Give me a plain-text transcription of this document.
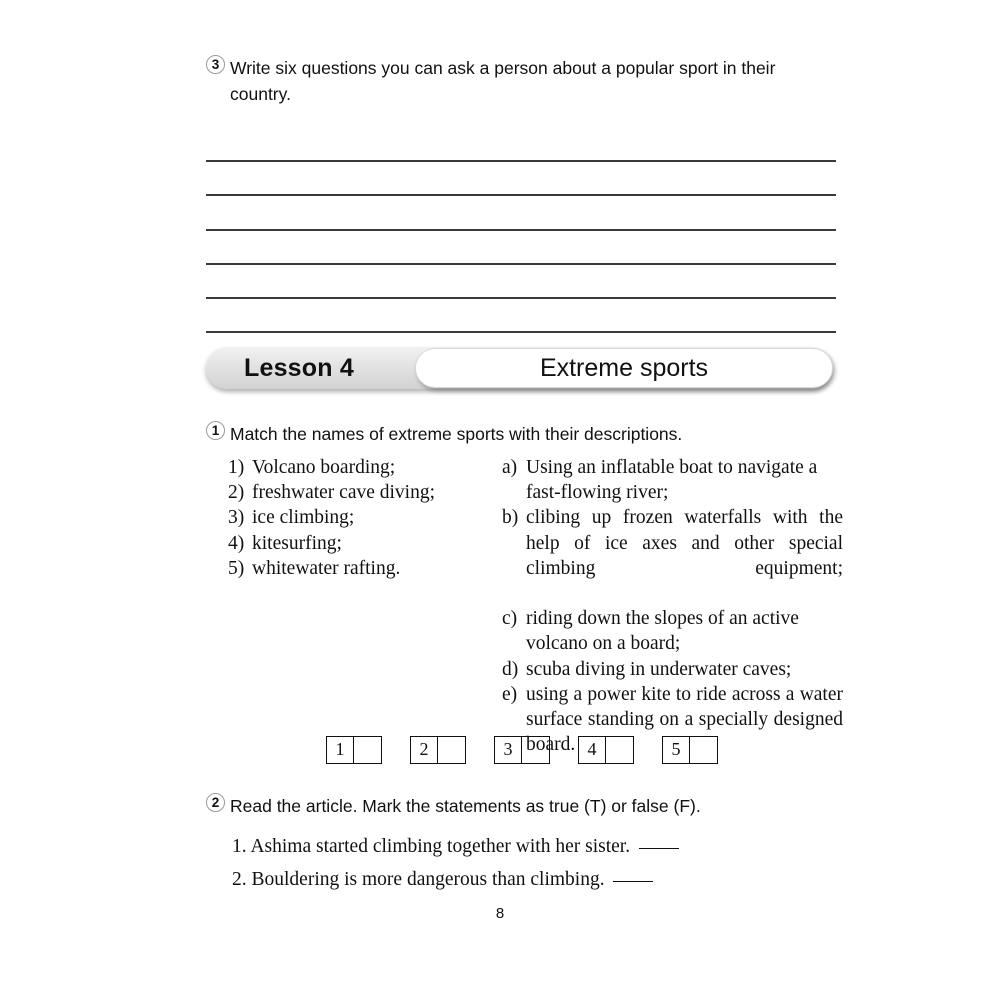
3 Write six questions you can ask a person about a popular sport in their country.
Lesson 4	Extreme sports
1 Match the names of extreme sports with their descriptions.
1) Volcano boarding;
2) freshwater cave diving;
3) ice climbing;
4) kitesurfing;
5) whitewater rafting.
a) Using an inflatable boat to navigate a fast-flowing river;
b) clibing up frozen waterfalls with the help of ice axes and other special climbing equipment;
c) riding down the slopes of an active volcano on a board;
d) scuba diving in underwater caves;
e) using a power kite to ride across a water surface standing on a specially designed board.
1	2	3	4	5
2 Read the article. Mark the statements as true (T) or false (F).
1. Ashima started climbing together with her sister.
2. Bouldering is more dangerous than climbing.
8
